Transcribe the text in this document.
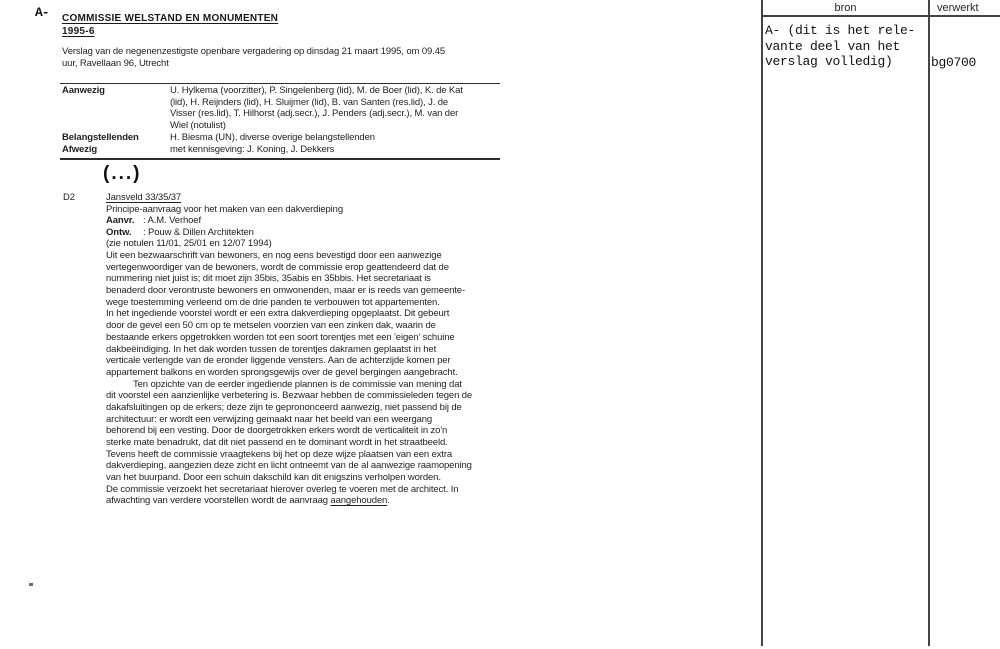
A- COMMISSIE WELSTAND EN MONUMENTEN
1995-6
Verslag van de negenenzestigste openbare vergadering op dinsdag 21 maart 1995, om 09.45
uur, Ravellaan 96, Utrecht
Aanwezig	U. Hylkema (voorzitter), P. Singelenberg (lid), M. de Boer (lid), K. de Kat
(lid), H. Reijnders (lid), H. Sluijmer (lid), B. van Santen (res.lid), J. de
Visser (res.lid), T. Hilhorst (adj.secr.), J. Penders (adj.secr.), M. van der
Wiel (notulist)
Belangstellenden	H. Biesma (UN), diverse overige belangstellenden
Afwezig	met kennisgeving: J. Koning, J. Dekkers
(...)
D2	Jansveld 33/35/37
Principe-aanvraag voor het maken van een dakverdieping
Aanvr. : A.M. Verhoef
Ontw. : Pouw & Dillen Architekten
(zie notulen 11/01, 25/01 en 12/07 1994)
Uit een bezwaarschrift van bewoners, en nog eens bevestigd door een aanwezige
vertegenwoordiger van de bewoners, wordt de commissie erop geattendeerd dat de
nummering niet juist is; dit moet zijn 35bis, 35abis en 35bbis. Het secretariaat is
benaderd door verontruste bewoners en omwonenden, maar er is reeds van gemeente-
wege toestemming verleend om de drie panden te verbouwen tot appartementen.
In het ingediende voorstel wordt er een extra dakverdieping opgeplaatst. Dit gebeurt
door de gevel een 50 cm op te metselen voorzien van een zinken dak, waarin de
bestaande erkers opgetrokken worden tot een soort torentjes met een 'eigen' schuine
dakbeëindiging. In het dak worden tussen de torentjes dakramen geplaatst in het
verticale verlengde van de eronder liggende vensters. Aan de achterzijde komen per
appartement balkons en worden sprongsgewijs over de gevel bergingen aangebracht.
Ten opzichte van de eerder ingediende plannen is de commissie van mening dat
dit voorstel een aanzienlijke verbetering is. Bezwaar hebben de commissieleden tegen de
dakafsluitingen op de erkers; deze zijn te geprononceerd aanwezig, niet passend bij de
architectuur: er wordt een verwijzing gemaakt naar het beeld van een weergang
behorend bij een vesting. Door de doorgetrokken erkers wordt de verticaliteit in zo'n
sterke mate benadrukt, dat dit niet passend en te dominant wordt in het straatbeeld.
Tevens heeft de commissie vraagtekens bij het op deze wijze plaatsen van een extra
dakverdieping, aangezien deze zicht en licht ontneemt van de al aanwezige raamopening
van het buurpand. Door een schuin dakschild kan dit enigszins verholpen worden.
De commissie verzoekt het secretariaat hierover overleg te voeren met de architect. In
afwachting van verdere voorstellen wordt de aanvraag aangehouden.
bron	verwerkt
A- (dit is het rele-
vante deel van het
verslag volledig)	bg0700
